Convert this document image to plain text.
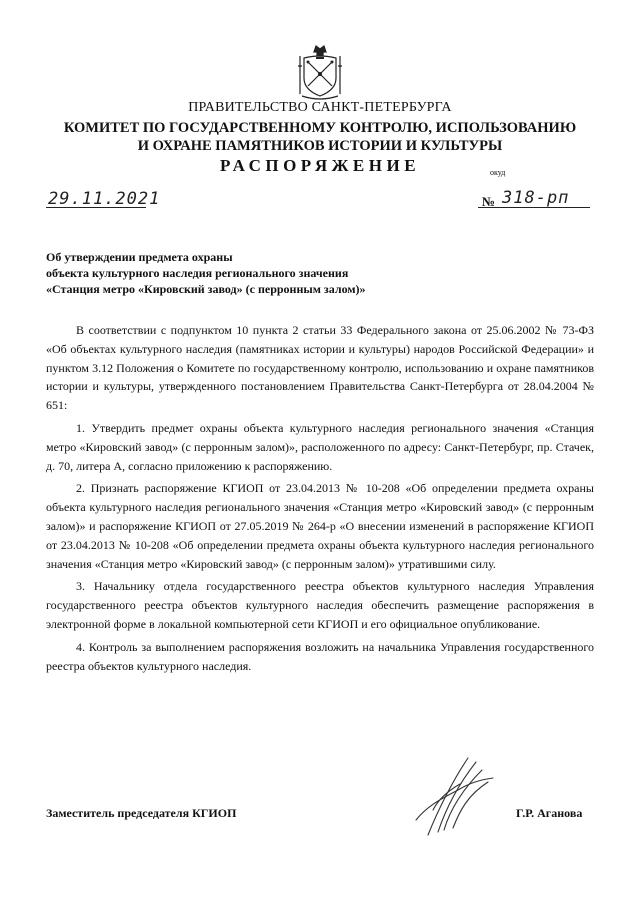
ПРАВИТЕЛЬСТВО САНКТ-ПЕТЕРБУРГА
КОМИТЕТ ПО ГОСУДАРСТВЕННОМУ КОНТРОЛЮ, ИСПОЛЬЗОВАНИЮ
И ОХРАНЕ ПАМЯТНИКОВ ИСТОРИИ И КУЛЬТУРЫ
РАСПОРЯЖЕНИЕ	окуд
29.11.2021	№ 318-рп
Об утверждении предмета охраны
объекта культурного наследия регионального значения
«Станция метро «Кировский завод» (с перронным залом)»

В соответствии с подпунктом 10 пункта 2 статьи 33 Федерального закона от 25.06.2002 № 73-ФЗ «Об объектах культурного наследия (памятниках истории и культуры) народов Российской Федерации» и пунктом 3.12 Положения о Комитете по государственному контролю, использованию и охране памятников истории и культуры, утвержденного постановлением Правительства Санкт-Петербурга от 28.04.2004 № 651:

1. Утвердить предмет охраны объекта культурного наследия регионального значения «Станция метро «Кировский завод» (с перронным залом)», расположенного по адресу: Санкт-Петербург, пр. Стачек, д. 70, литера А, согласно приложению к распоряжению.

2. Признать распоряжение КГИОП от 23.04.2013 № 10-208 «Об определении предмета охраны объекта культурного наследия регионального значения «Станция метро «Кировский завод» (с перронным залом)» и распоряжение КГИОП от 27.05.2019 № 264-р «О внесении изменений в распоряжение КГИОП от 23.04.2013 № 10-208 «Об определении предмета охраны объекта культурного наследия регионального значения «Станция метро «Кировский завод» (с перронным залом)» утратившими силу.

3. Начальнику отдела государственного реестра объектов культурного наследия Управления государственного реестра объектов культурного наследия обеспечить размещение распоряжения в электронной форме в локальной компьютерной сети КГИОП и его официальное опубликование.

4. Контроль за выполнением распоряжения возложить на начальника Управления государственного реестра объектов культурного наследия.

Заместитель председателя КГИОП	Г.Р. Аганова
